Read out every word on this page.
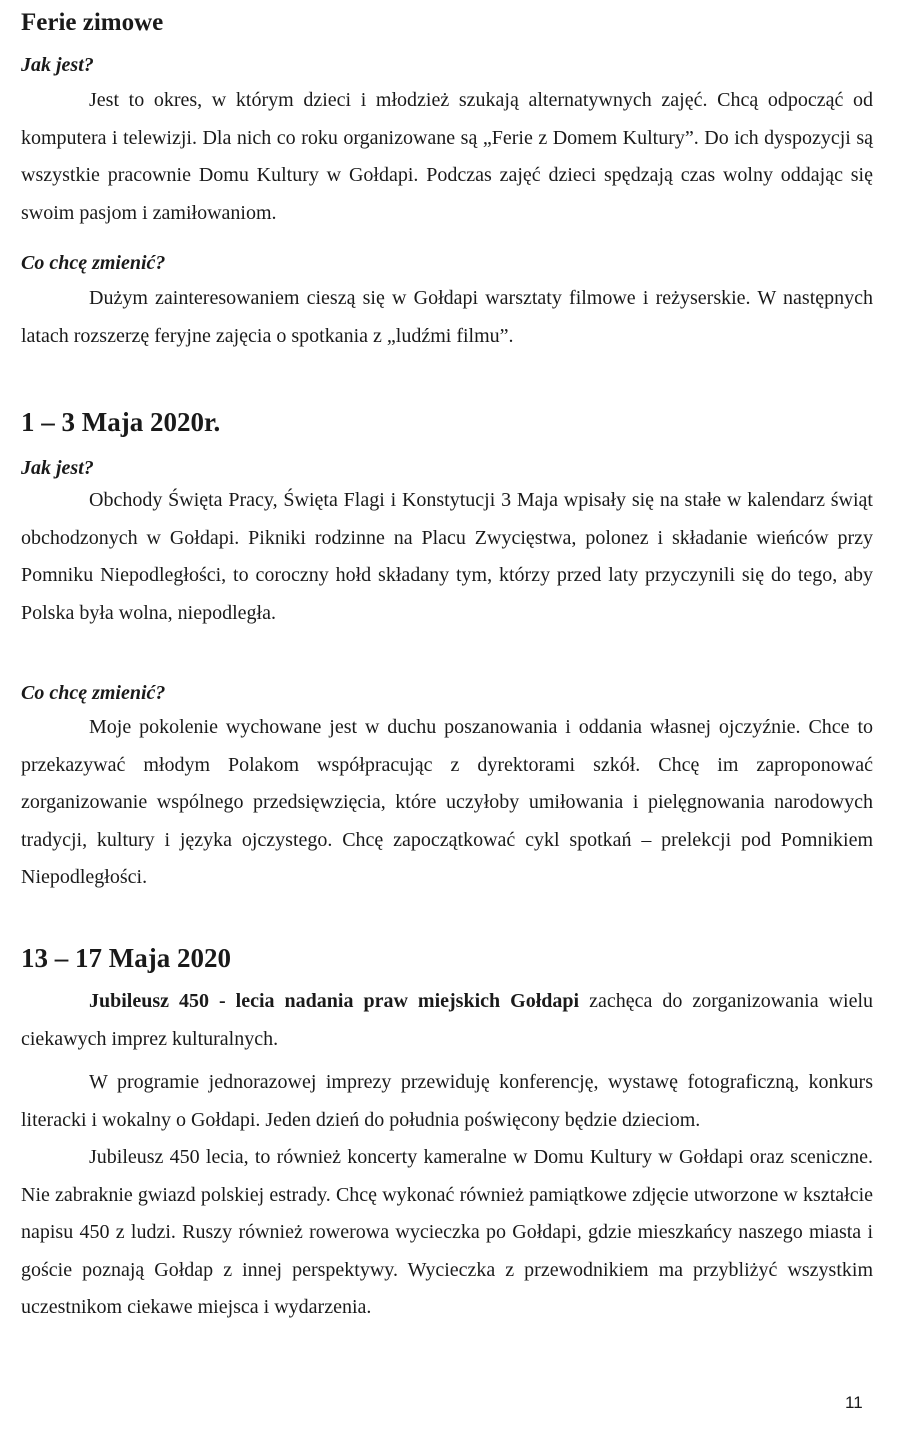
Ferie zimowe

Jak jest?

Jest to okres, w którym dzieci i młodzież szukają alternatywnych zajęć. Chcą odpocząć od komputera i telewizji. Dla nich co roku organizowane są „Ferie z Domem Kultury”. Do ich dyspozycji są wszystkie pracownie Domu Kultury w Gołdapi. Podczas zajęć dzieci spędzają czas wolny oddając się swoim pasjom i zamiłowaniom.

Co chcę zmienić?

Dużym zainteresowaniem cieszą się w Gołdapi warsztaty filmowe i reżyserskie. W następnych latach rozszerzę feryjne zajęcia o spotkania z „ludźmi filmu”.

1 – 3 Maja 2020r.

Jak jest?

Obchody Święta Pracy, Święta Flagi i Konstytucji 3 Maja wpisały się na stałe w kalendarz świąt obchodzonych w Gołdapi. Pikniki rodzinne na Placu Zwycięstwa, polonez i składanie wieńców przy Pomniku Niepodległości, to coroczny hołd składany tym, którzy przed laty przyczynili się do tego, aby Polska była wolna, niepodległa.

Co chcę zmienić?

Moje pokolenie wychowane jest w duchu poszanowania i oddania własnej ojczyźnie. Chce to przekazywać młodym Polakom współpracując z dyrektorami szkół. Chcę im zaproponować zorganizowanie wspólnego przedsięwzięcia, które uczyłoby umiłowania i pielęgnowania narodowych tradycji, kultury i języka ojczystego. Chcę zapoczątkować cykl spotkań – prelekcji pod Pomnikiem Niepodległości.

13 – 17 Maja 2020

Jubileusz 450 - lecia nadania praw miejskich Gołdapi zachęca do zorganizowania wielu ciekawych imprez kulturalnych.

W programie jednorazowej imprezy przewiduję konferencję, wystawę fotograficzną, konkurs literacki i wokalny o Gołdapi. Jeden dzień do południa poświęcony będzie dzieciom.

Jubileusz 450 lecia, to również koncerty kameralne w Domu Kultury w Gołdapi oraz sceniczne. Nie zabraknie gwiazd polskiej estrady. Chcę wykonać również pamiątkowe zdjęcie utworzone w kształcie napisu 450 z ludzi. Ruszy również rowerowa wycieczka po Gołdapi, gdzie mieszkańcy naszego miasta i goście poznają Gołdap z innej perspektywy. Wycieczka z przewodnikiem ma przybliżyć wszystkim uczestnikom ciekawe miejsca i wydarzenia.

11
